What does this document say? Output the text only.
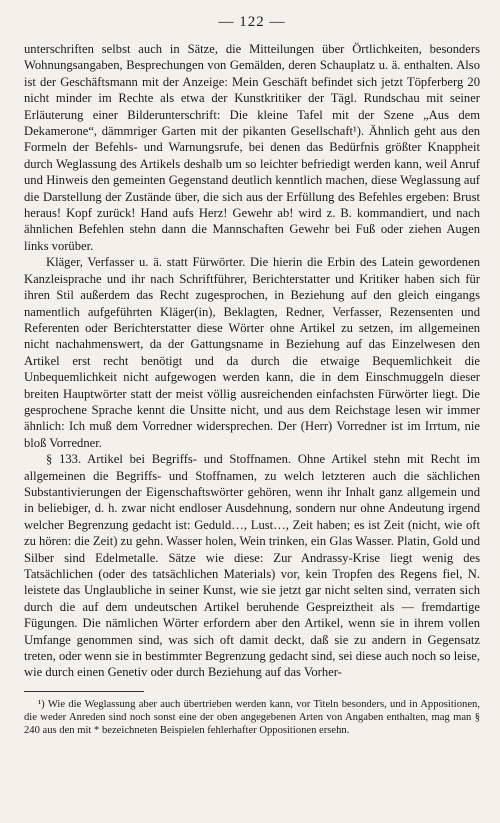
— 122 —

unterschriften selbst auch in Sätze, die Mitteilungen über Örtlichkeiten, besonders Wohnungsangaben, Besprechungen von Gemälden, deren Schauplatz u. ä. enthalten. Also ist der Geschäftsmann mit der Anzeige: Mein Geschäft befindet sich jetzt Töpferberg 20 nicht minder im Rechte als etwa der Kunstkritiker der Tägl. Rundschau mit seiner Erläuterung einer Bilderunterschrift: Die kleine Tafel mit der Szene „Aus dem Dekamerone“, dämmriger Garten mit der pikanten Gesellschaft¹). Ähnlich geht aus den Formeln der Befehls- und Warnungsrufe, bei denen das Bedürfnis größter Knappheit durch Weglassung des Artikels deshalb um so leichter befriedigt werden kann, weil Anruf und Hinweis den gemeinten Gegenstand deutlich kenntlich machen, diese Weglassung auf die Darstellung der Zustände über, die sich aus der Erfüllung des Befehles ergeben: Brust heraus! Kopf zurück! Hand aufs Herz! Gewehr ab! wird z. B. kommandiert, und nach ähnlichen Befehlen stehn dann die Mannschaften Gewehr bei Fuß oder ziehen Augen links vorüber.

Kläger, Verfasser u. ä. statt Fürwörter. Die hierin die Erbin des Latein gewordenen Kanzleisprache und ihr nach Schriftführer, Berichterstatter und Kritiker haben sich für ihren Stil außerdem das Recht zugesprochen, in Beziehung auf den gleich eingangs namentlich aufgeführten Kläger(in), Beklagten, Redner, Verfasser, Rezensenten und Referenten oder Berichterstatter diese Wörter ohne Artikel zu setzen, im allgemeinen nicht nachahmenswert, da der Gattungsname in Beziehung auf das Einzelwesen den Artikel erst recht benötigt und da durch die etwaige Bequemlichkeit die Unbequemlichkeit nicht aufgewogen werden kann, die in dem Einschmuggeln dieser breiten Hauptwörter statt der meist völlig ausreichenden einfachsten Fürwörter liegt. Die gesprochene Sprache kennt die Unsitte nicht, und aus dem Reichstage lesen wir immer ähnlich: Ich muß dem Vorredner widersprechen. Der (Herr) Vorredner ist im Irrtum, nie bloß Vorredner.

§ 133. Artikel bei Begriffs- und Stoffnamen. Ohne Artikel stehn mit Recht im allgemeinen die Begriffs- und Stoffnamen, zu welch letzteren auch die sächlichen Substantivierungen der Eigenschaftswörter gehören, wenn ihr Inhalt ganz allgemein und in beliebiger, d. h. zwar nicht endloser Ausdehnung, sondern nur ohne Andeutung irgend welcher Begrenzung gedacht ist: Geduld…, Lust…, Zeit haben; es ist Zeit (nicht, wie oft zu hören: die Zeit) zu gehn. Wasser holen, Wein trinken, ein Glas Wasser. Platin, Gold und Silber sind Edelmetalle. Sätze wie diese: Zur Andrassy-Krise liegt wenig des Tatsächlichen (oder des tatsächlichen Materials) vor, kein Tropfen des Regens fiel, N. leistete das Unglaubliche in seiner Kunst, wie sie jetzt gar nicht selten sind, verraten sich durch die auf dem undeutschen Artikel beruhende Gespreiztheit als — fremdartige Fügungen. Die nämlichen Wörter erfordern aber den Artikel, wenn sie in ihrem vollen Umfange genommen sind, was sich oft damit deckt, daß sie zu andern in Gegensatz treten, oder wenn sie in bestimmter Begrenzung gedacht sind, sei diese auch noch so leise, wie durch einen Genetiv oder durch Beziehung auf das Vorher-

¹) Wie die Weglassung aber auch übertrieben werden kann, vor Titeln besonders, und in Appositionen, die weder Anreden sind noch sonst eine der oben angegebenen Arten von Angaben enthalten, mag man § 240 aus den mit * bezeichneten Beispielen fehlerhafter Oppositionen ersehn.
